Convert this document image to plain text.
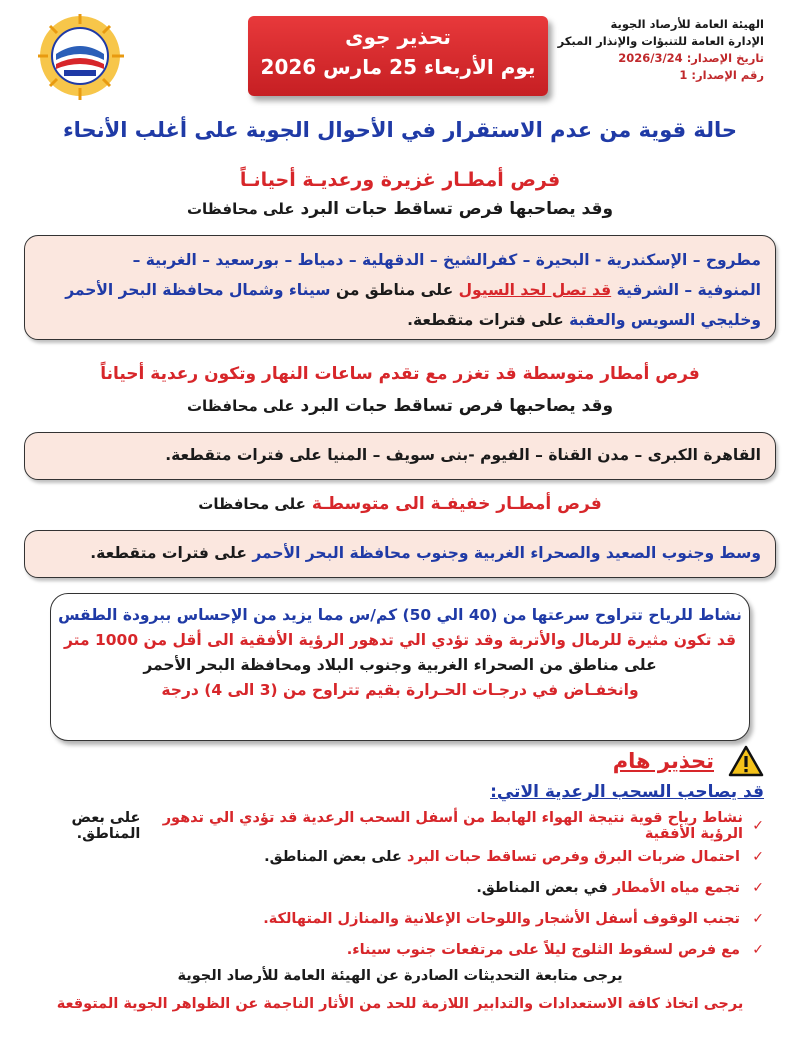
الهيئة العامة للأرصاد الجوية
الإدارة العامة للتنبؤات والإنذار المبكر
تاريخ الإصدار: 2026/3/24
رقم الإصدار: 1
تحذير جوى
يوم الأربعاء 25 مارس 2026
حالة قوية من عدم الاستقرار في الأحوال الجوية على أغلب الأنحاء
فرص أمطـار غزيرة ورعديـة أحيانـاً
وقد يصاحبها فرص تساقط حبات البرد على محافظات

مطروح – الإسكندرية - البحيرة – كفرالشيخ – الدقهلية – دمياط – بورسعيد – الغربية –

المنوفية – الشرقية قد تصل لحد السيول على مناطق من سيناء وشمال محافظة البحر الأحمر

وخليجي السويس والعقبة على فترات متقطعة.

فرص أمطار متوسطة قد تغزر مع تقدم ساعات النهار وتكون رعدية أحياناً
وقد يصاحبها فرص تساقط حبات البرد على محافظات

القاهرة الكبرى – مدن القناة – الفيوم -بنى سويف – المنيا على فترات متقطعة.

فرص أمطـار خفيفـة الى متوسطـة على محافظات

وسط وجنوب الصعيد والصحراء الغربية وجنوب محافظة البحر الأحمر على فترات متقطعة.

نشاط للرياح تتراوح سرعتها من (40 الي 50) كم/س مما يزيد من الإحساس ببرودة الطقس

قد تكون مثيرة للرمال والأتربة وقد تؤدي الي تدهور الرؤية الأفقية الى أقل من 1000 متر

على مناطق من الصحراء الغربية وجنوب البلاد ومحافظة البحر الأحمر

وانخفـاض في درجـات الحـرارة بقيم تتراوح من (3 الى 4) درجة

تحذير هام
قد يصاحب السحب الرعدية الاتي:
✓
نشاط رياح قوية نتيجة الهواء الهابط من أسفل السحب الرعدية قد تؤدي الي تدهور الرؤية الأفقية

على بعض المناطق.
✓
احتمال ضربات البرق وفرص تساقط حبات البرد

على بعض المناطق.
✓
تجمع مياه الأمطار

في بعض المناطق.
✓
تجنب الوقوف أسفل الأشجار واللوحات الإعلانية والمنازل المتهالكة.
✓
مع فرص لسقوط الثلوج ليلاً على مرتفعات جنوب سيناء.
يرجى متابعة التحديثات الصادرة عن الهيئة العامة للأرصاد الجوية
يرجى اتخاذ كافة الاستعدادات والتدابير اللازمة للحد من الأثار الناجمة عن الظواهر الجوية المتوقعة
